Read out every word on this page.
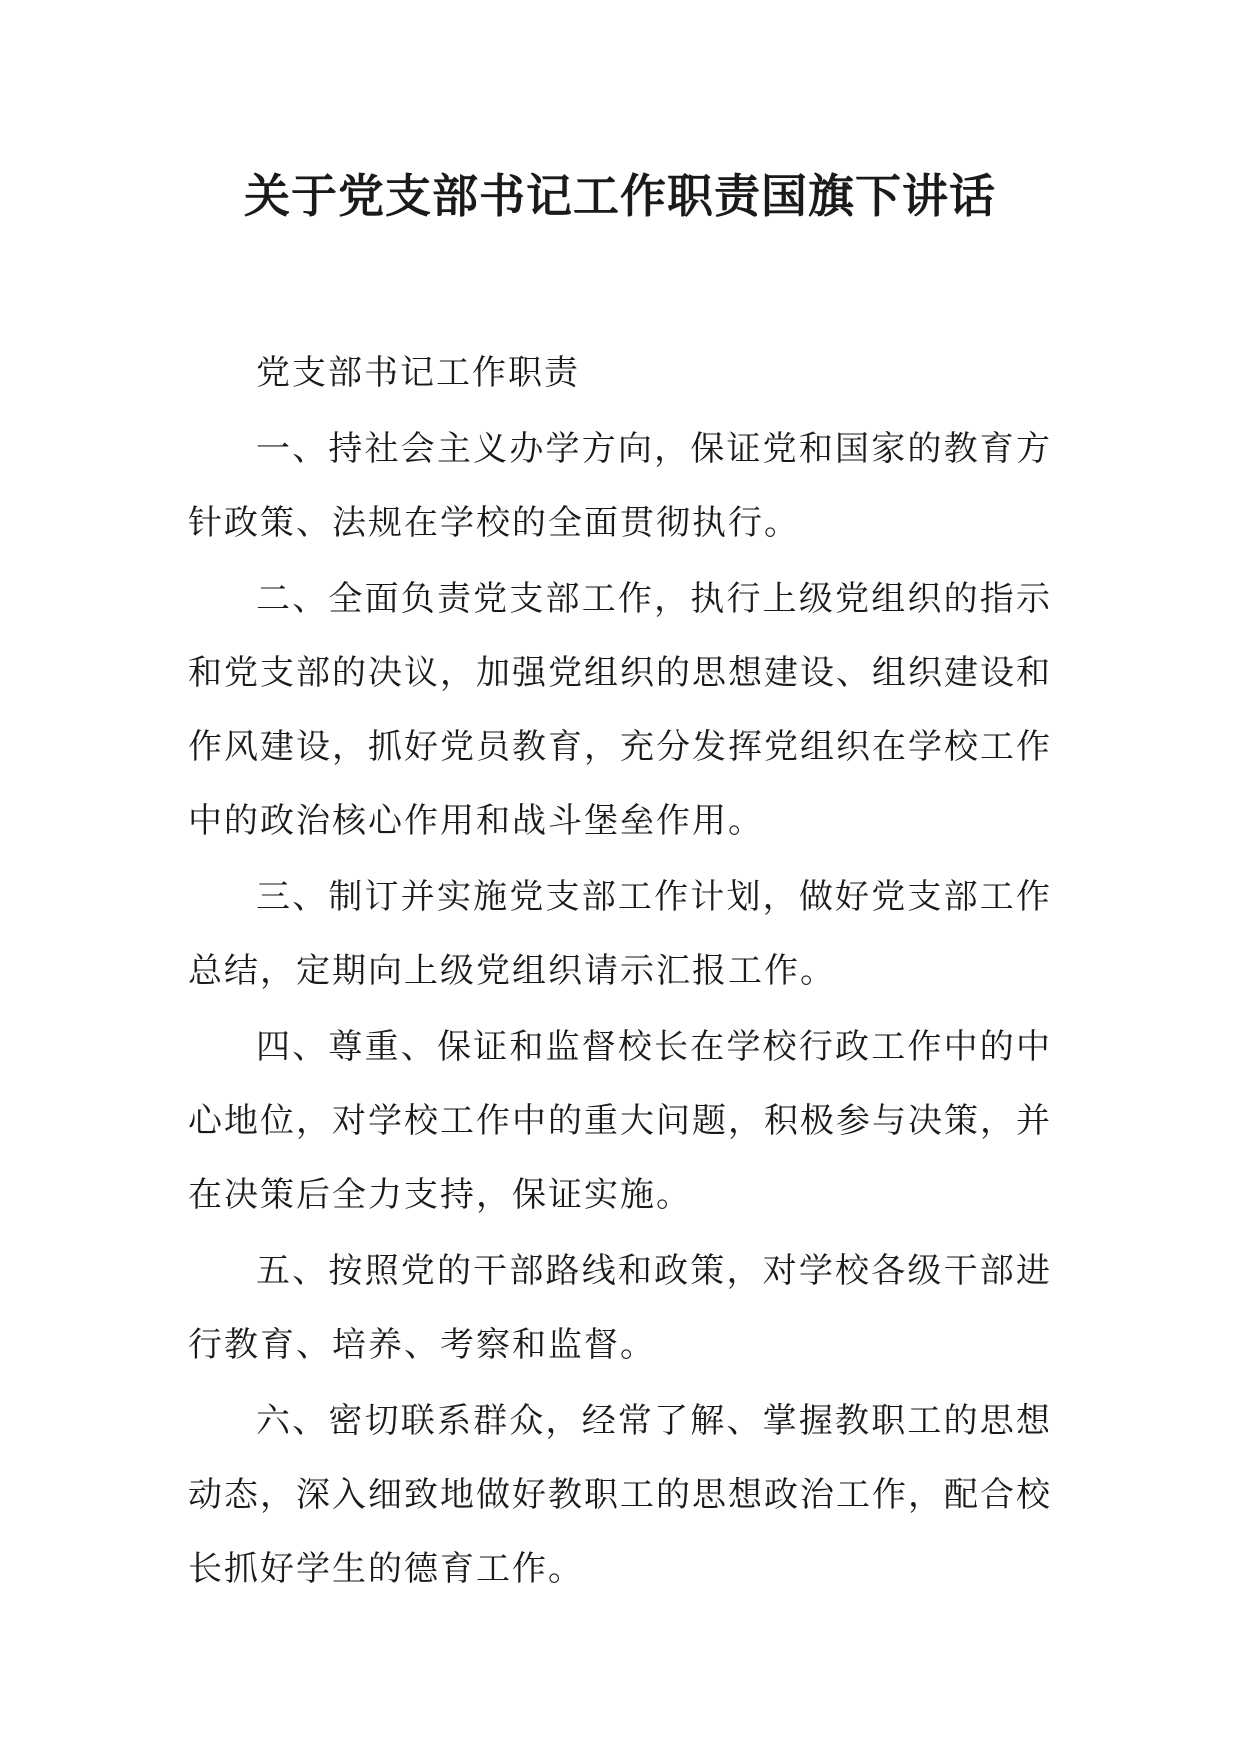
关于党支部书记工作职责国旗下讲话

党支部书记工作职责

一、持社会主义办学方向，保证党和国家的教育方针政策、法规在学校的全面贯彻执行。

二、全面负责党支部工作，执行上级党组织的指示和党支部的决议，加强党组织的思想建设、组织建设和作风建设，抓好党员教育，充分发挥党组织在学校工作中的政治核心作用和战斗堡垒作用。

三、制订并实施党支部工作计划，做好党支部工作总结，定期向上级党组织请示汇报工作。

四、尊重、保证和监督校长在学校行政工作中的中心地位，对学校工作中的重大问题，积极参与决策，并在决策后全力支持，保证实施。

五、按照党的干部路线和政策，对学校各级干部进行教育、培养、考察和监督。

六、密切联系群众，经常了解、掌握教职工的思想动态，深入细致地做好教职工的思想政治工作，配合校长抓好学生的德育工作。
